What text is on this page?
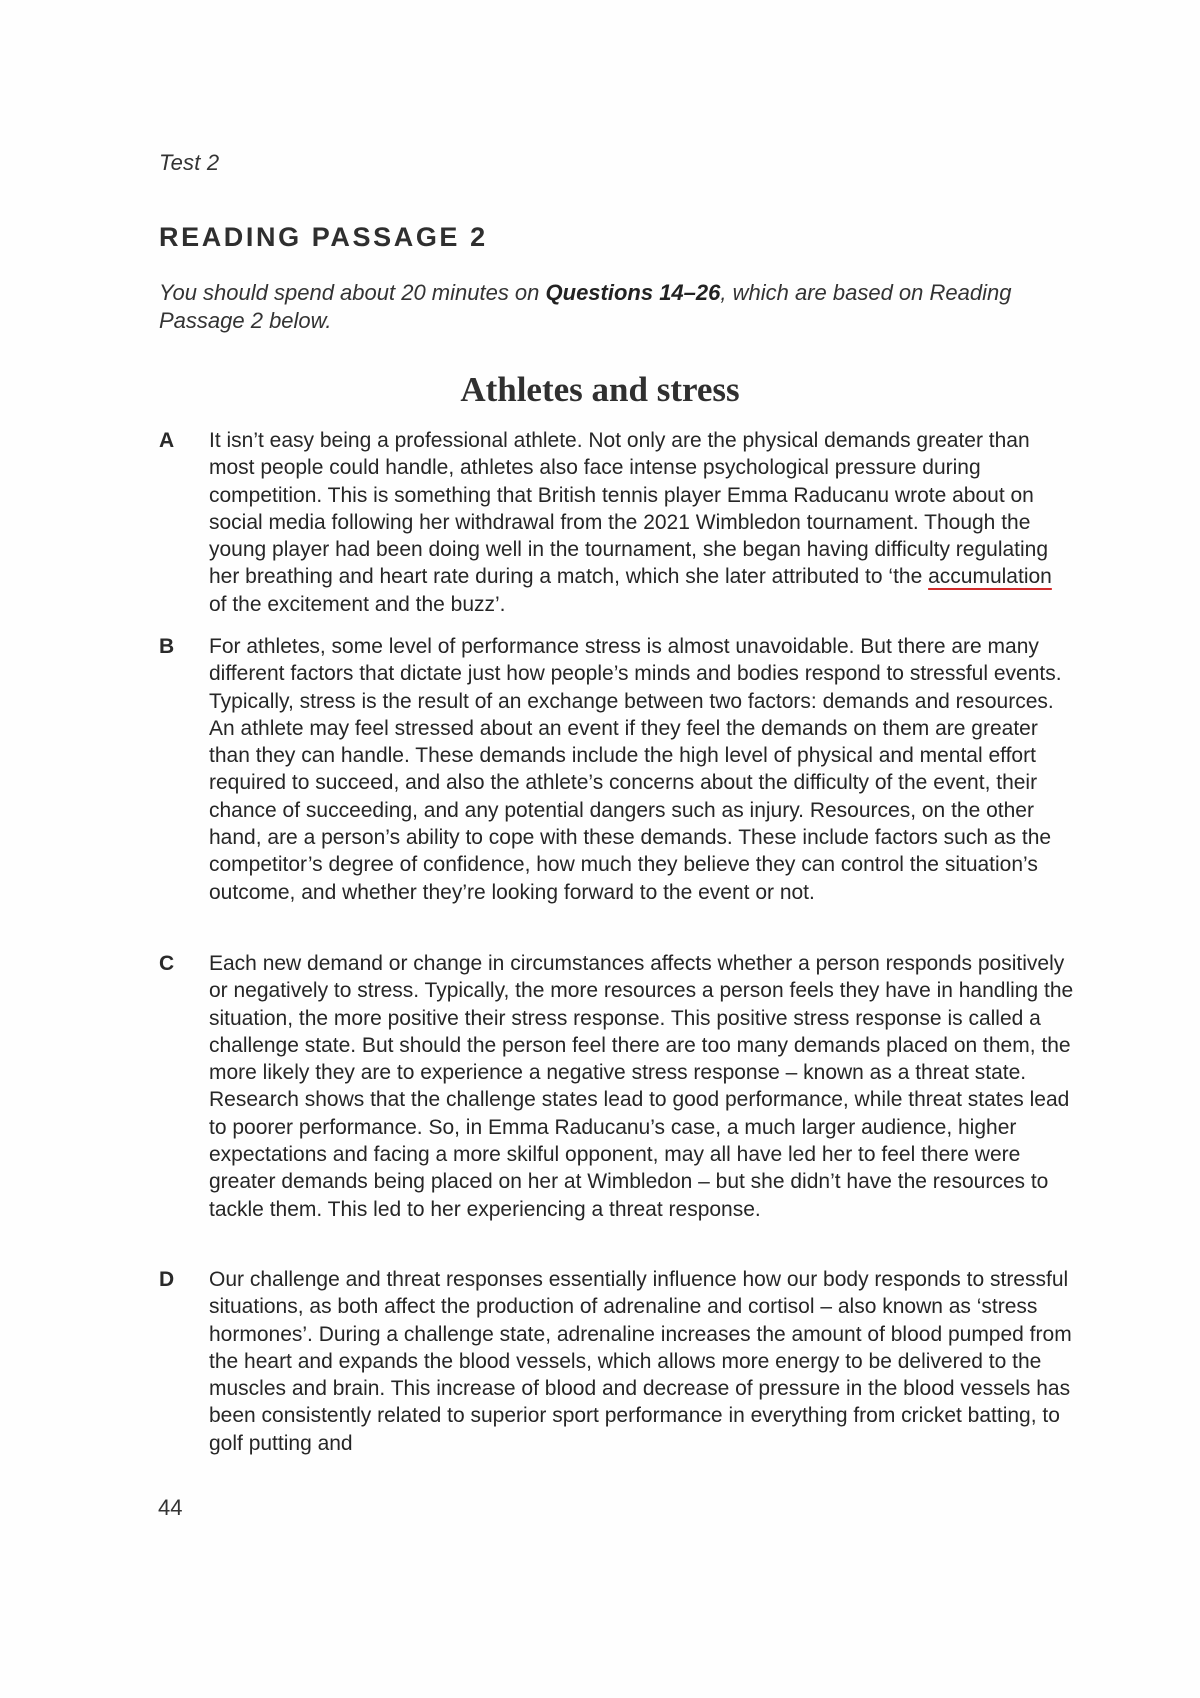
Test 2
READING PASSAGE 2
You should spend about 20 minutes on Questions 14–26, which are based on Reading Passage 2 below.
Athletes and stress
A It isn’t easy being a professional athlete. Not only are the physical demands greater than most people could handle, athletes also face intense psychological pressure during competition. This is something that British tennis player Emma Raducanu wrote about on social media following her withdrawal from the 2021 Wimbledon tournament. Though the young player had been doing well in the tournament, she began having difficulty regulating her breathing and heart rate during a match, which she later attributed to ‘the accumulation of the excitement and the buzz’.
B For athletes, some level of performance stress is almost unavoidable. But there are many different factors that dictate just how people’s minds and bodies respond to stressful events. Typically, stress is the result of an exchange between two factors: demands and resources. An athlete may feel stressed about an event if they feel the demands on them are greater than they can handle. These demands include the high level of physical and mental effort required to succeed, and also the athlete’s concerns about the difficulty of the event, their chance of succeeding, and any potential dangers such as injury. Resources, on the other hand, are a person’s ability to cope with these demands. These include factors such as the competitor’s degree of confidence, how much they believe they can control the situation’s outcome, and whether they’re looking forward to the event or not.
C Each new demand or change in circumstances affects whether a person responds positively or negatively to stress. Typically, the more resources a person feels they have in handling the situation, the more positive their stress response. This positive stress response is called a challenge state. But should the person feel there are too many demands placed on them, the more likely they are to experience a negative stress response – known as a threat state. Research shows that the challenge states lead to good performance, while threat states lead to poorer performance. So, in Emma Raducanu’s case, a much larger audience, higher expectations and facing a more skilful opponent, may all have led her to feel there were greater demands being placed on her at Wimbledon – but she didn’t have the resources to tackle them. This led to her experiencing a threat response.
D Our challenge and threat responses essentially influence how our body responds to stressful situations, as both affect the production of adrenaline and cortisol – also known as ‘stress hormones’. During a challenge state, adrenaline increases the amount of blood pumped from the heart and expands the blood vessels, which allows more energy to be delivered to the muscles and brain. This increase of blood and decrease of pressure in the blood vessels has been consistently related to superior sport performance in everything from cricket batting, to golf putting and
44
